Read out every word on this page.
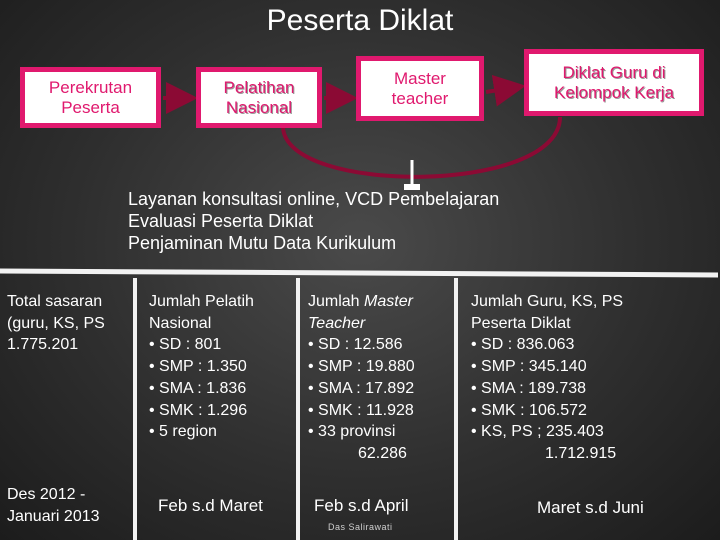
Peserta Diklat
Perekrutan
Peserta
Pelatihan
Nasional
Master
teacher
Diklat Guru di
Kelompok Kerja
Layanan konsultasi online, VCD Pembelajaran
Evaluasi Peserta Diklat
Penjaminan Mutu Data Kurikulum
Total sasaran
(guru, KS, PS
1.775.201
Des 2012 -
Januari 2013
Jumlah Pelatih
Nasional
• SD : 801
• SMP : 1.350
• SMA : 1.836
• SMK : 1.296
• 5 region
Feb s.d Maret
Jumlah Master
Teacher
• SD : 12.586
• SMP : 19.880
• SMA : 17.892
• SMK : 11.928
• 33 provinsi
62.286
Feb s.d April
Jumlah Guru, KS, PS
Peserta Diklat
• SD : 836.063
• SMP : 345.140
• SMA : 189.738
• SMK : 106.572
• KS, PS ; 235.403
1.712.915
Maret s.d Juni
Das Salirawati
